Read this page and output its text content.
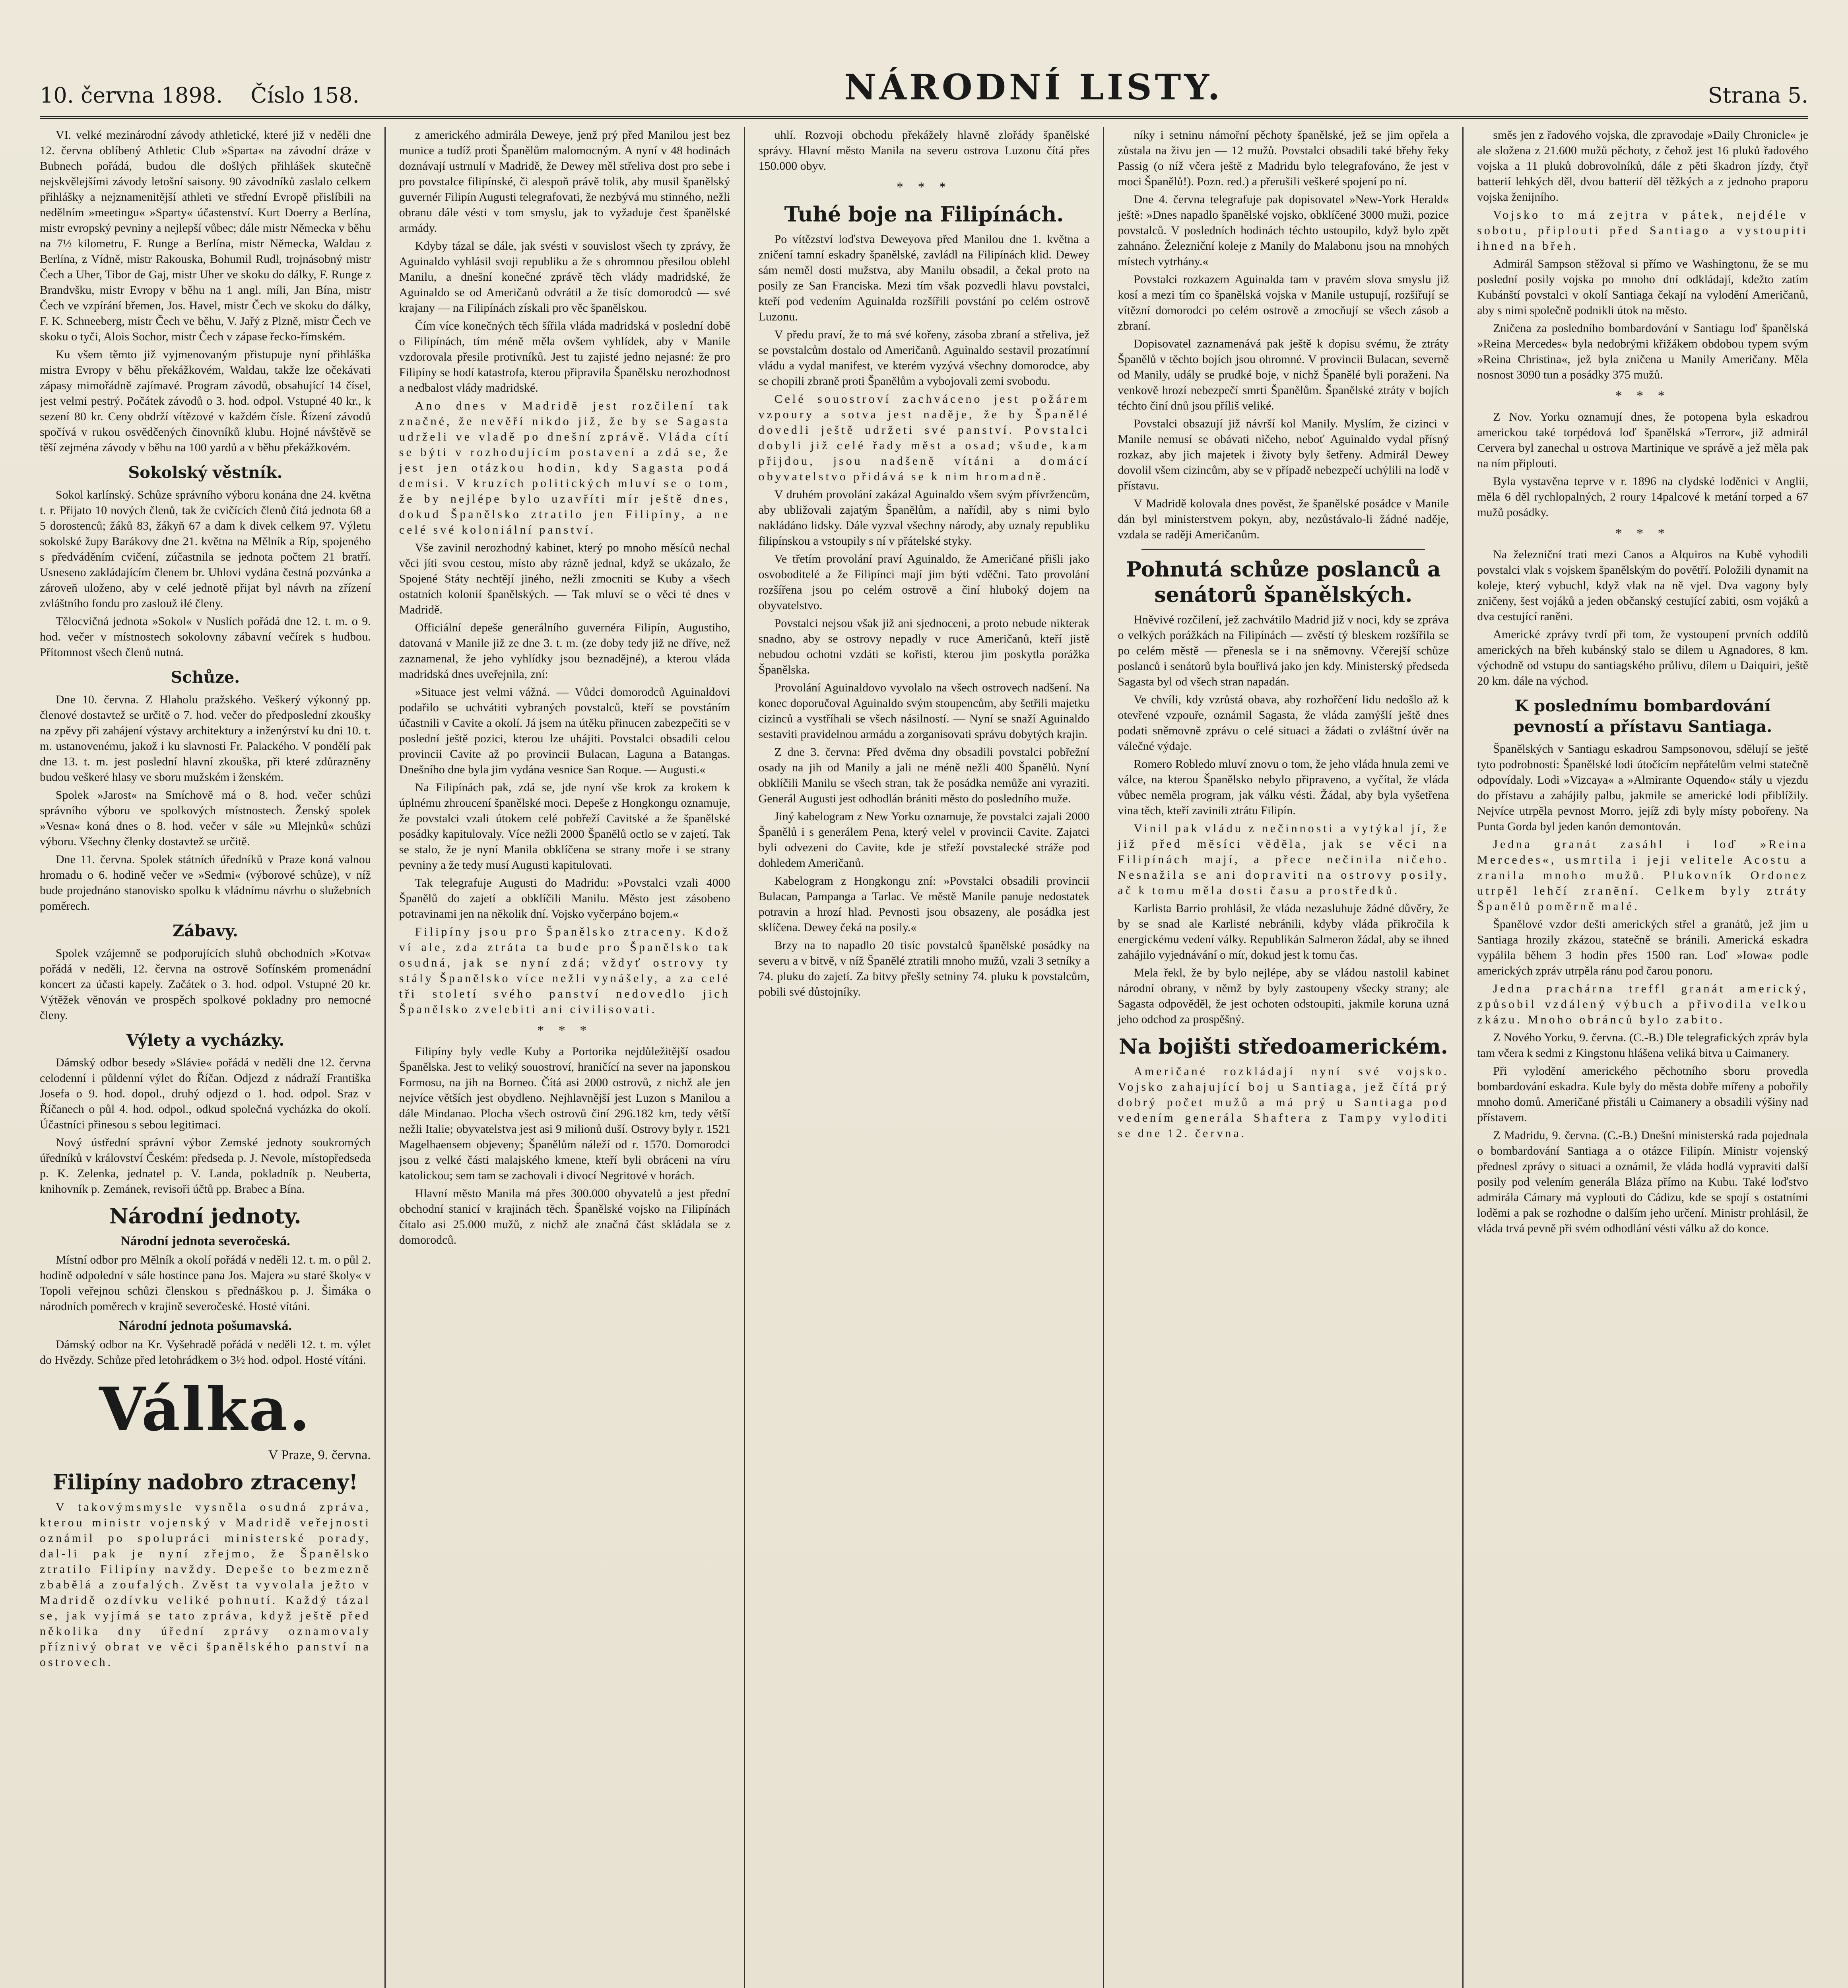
10. června 1898. Číslo 158.	NÁRODNÍ LISTY.	Strana 5.

VI. velké mezinárodní závody athletické, které již v neděli dne 12. června oblíbený Athletic Club »Sparta« na závodní dráze v Bubnech pořádá, budou dle došlých přihlášek skutečně nejskvělejšími závody letošní saisony. 90 závodníků zaslalo celkem přihlášky a nejznamenitější athleti ve střední Evropě přislíbili na nedělním »meetingu« »Sparty« účastenství. Kurt Doerry a Berlína, mistr evropský pevniny a nejlepší vůbec; dále mistr Německa v běhu na 7½ kilometru, F. Runge a Berlína, mistr Německa, Waldau z Berlína, z Vídně, mistr Rakouska, Bohumil Rudl, trojnásobný mistr Čech a Uher, Tibor de Gaj, mistr Uher ve skoku do dálky, F. Runge z Brandvšku, mistr Evropy v běhu na 1 angl. míli, Jan Bína, mistr Čech ve vzpírání břemen, Jos. Havel, mistr Čech ve skoku do dálky, F. K. Schneeberg, mistr Čech ve běhu, V. Jařý z Plzně, mistr Čech ve skoku o tyči, Alois Sochor, mistr Čech v zápase řecko-římském.

Ku všem těmto již vyjmenovaným přistupuje nyní přihláška mistra Evropy v běhu překážkovém, Waldau, takže lze očekávati zápasy mimořádně zajímavé. Program závodů, obsahující 14 čísel, jest velmi pestrý. Počátek závodů o 3. hod. odpol. Vstupné 40 kr., k sezení 80 kr. Ceny obdrží vítězové v každém čísle. Řízení závodů spočívá v rukou osvědčených činovníků klubu. Hojné návštěvě se těší zejména závody v běhu na 100 yardů a v běhu překážkovém.

Sokolský věstník.

Sokol karlínský. Schůze správního výboru konána dne 24. května t. r. Přijato 10 nových členů, tak že cvičících členů čítá jednota 68 a 5 dorostenců; žáků 83, žákyň 67 a dam k divek celkem 97. Výletu sokolské župy Barákovy dne 21. května na Mělník a Ríp, spojeného s předváděním cvičení, zúčastnila se jednota počtem 21 bratří. Usneseno zakládajícím členem br. Uhlovi vydána čestná pozvánka a zároveň uloženo, aby v celé jednotě přijat byl návrh na zřízení zvláštního fondu pro zaslouž ilé členy.

Tělocvičná jednota »Sokol« v Nuslích pořádá dne 12. t. m. o 9. hod. večer v místnostech sokolovny zábavní večírek s hudbou. Přítomnost všech členů nutná.

Schůze.

Dne 10. června. Z Hlaholu pražského. Veškerý výkonný pp. členové dostavtež se určitě o 7. hod. večer do předposlední zkoušky na zpěvy při zahájení výstavy architektury a inženýrství ku dni 10. t. m. ustanovenému, jakož i ku slavnosti Fr. Palackého. V pondělí pak dne 13. t. m. jest poslední hlavní zkouška, při které zdůrazněny budou veškeré hlasy ve sboru mužském i ženském.

Spolek »Jarost« na Smíchově má o 8. hod. večer schůzi správního výboru ve spolkových místnostech. Ženský spolek »Vesna« koná dnes o 8. hod. večer v sále »u Mlejnků« schůzi výboru. Všechny členky dostavtež se určitě.

Dne 11. června. Spolek státních úředníků v Praze koná valnou hromadu o 6. hodině večer ve »Sedmi« (výborové schůze), v níž bude projednáno stanovisko spolku k vládnímu návrhu o služebních poměrech.

Zábavy.

Spolek vzájemně se podporujících sluhů obchodních »Kotva« pořádá v neděli, 12. června na ostrově Sofínském promenádní koncert za účasti kapely. Začátek o 3. hod. odpol. Vstupné 20 kr. Výtěžek věnován ve prospěch spolkové pokladny pro nemocné členy.

Výlety a vycházky.

Dámský odbor besedy »Slávie« pořádá v neděli dne 12. června celodenní i půldenní výlet do Říčan. Odjezd z nádraží Františka Josefa o 9. hod. dopol., druhý odjezd o 1. hod. odpol. Sraz v Říčanech o půl 4. hod. odpol., odkud společná vycházka do okolí. Účastníci přinesou s sebou legitimaci.

Nový ústřední správní výbor Zemské jednoty soukromých úředníků v království Českém: předseda p. J. Nevole, místopředseda p. K. Zelenka, jednatel p. V. Landa, pokladník p. Neuberta, knihovník p. Zemánek, revisoři účtů pp. Brabec a Bína.

Národní jednoty.
Národní jednota severočeská.

Místní odbor pro Mělník a okolí pořádá v neděli 12. t. m. o půl 2. hodině odpolední v sále hostince pana Jos. Majera »u staré školy« v Topoli veřejnou schůzi členskou s přednáškou p. J. Šimáka o národních poměrech v krajině severočeské. Hosté vítáni.

Národní jednota pošumavská.

Dámský odbor na Kr. Vyšehradě pořádá v neděli 12. t. m. výlet do Hvězdy. Schůze před letohrádkem o 3½ hod. odpol. Hosté vítáni.

Válka.
V Praze, 9. června.
Filipíny nadobro ztraceny!

V takovýmsmysle vysněla osudná zpráva, kterou ministr vojenský v Madridě veřejnosti oznámil po spolupráci ministerské porady, dal-li pak je nyní zřejmo, že Španělsko ztratilo Filipíny navždy. Depeše to bezmezně zbabělá a zoufalých. Zvěst ta vyvolala ježto v Madridě ozdívku veliké pohnutí. Každý tázal se, jak vyjímá se tato zpráva, když ještě před několika dny úřední zprávy oznamovaly příznivý obrat ve věci španělského panství na ostrovech.

z amerického admirála Deweye, jenž prý před Manilou jest bez munice a tudíž proti Španělům malomocným. A nyní v 48 hodinách doznávají ustrnulí v Madridě, že Dewey měl střeliva dost pro sebe i pro povstalce filipínské, či alespoň právě tolik, aby musil španělský guvernér Filipín Augusti telegrafovati, že nezbývá mu stinného, nežli obranu dále vésti v tom smyslu, jak to vyžaduje čest španělské armády.

Kdyby tázal se dále, jak svésti v souvislost všech ty zprávy, že Aguinaldo vyhlásil svoji republiku a že s ohromnou přesilou oblehl Manilu, a dnešní konečné zprávě těch vlády madridské, že Aguinaldo se od Američanů odvrátil a že tisíc domorodců — své krajany — na Filipínách získali pro věc španělskou.

Čím více konečných těch šířila vláda madridská v poslední době o Filipínách, tím méně měla ovšem vyhlídek, aby v Manile vzdorovala přesile protivníků. Jest tu zajisté jedno nejasné: že pro Filipíny se hodí katastrofa, kterou připravila Španělsku nerozhodnost a nedbalost vlády madridské.

Ano dnes v Madridě jest rozčilení tak značné, že nevěří nikdo již, že by se Sagasta udrželi ve vladě po dnešní zprávě. Vláda cítí se býti v rozhodujícím postavení a zdá se, že jest jen otázkou hodin, kdy Sagasta podá demisi. V kruzích politických mluví se o tom, že by nejlépe bylo uzavříti mír ještě dnes, dokud Španělsko ztratilo jen Filipíny, a ne celé své koloniální panství.

Vše zavinil nerozhodný kabinet, který po mnoho měsíců nechal věci jíti svou cestou, místo aby rázně jednal, když se ukázalo, že Spojené Státy nechtějí jiného, nežli zmocniti se Kuby a všech ostatních kolonií španělských. — Tak mluví se o věci té dnes v Madridě.

Officiální depeše generálního guvernéra Filipín, Augustiho, datovaná v Manile již ze dne 3. t. m. (ze doby tedy již ne dříve, než zaznamenal, že jeho vyhlídky jsou beznadějné), a kterou vláda madridská dnes uveřejnila, zní:

»Situace jest velmi vážná. — Vůdci domorodců Aguinaldovi podařilo se uchvátiti vybraných povstalců, kteří se povstáním účastnili v Cavite a okolí. Já jsem na útěku přinucen zabezpečiti se v poslední ještě pozici, kterou lze uhájiti. Povstalci obsadili celou provincii Cavite až po provincii Bulacan, Laguna a Batangas. Dnešního dne byla jim vydána vesnice San Roque. — Augusti.«

Na Filipínách pak, zdá se, jde nyní vše krok za krokem k úplnému zhroucení španělské moci. Depeše z Hongkongu oznamuje, že povstalci vzali útokem celé pobřeží Cavitské a že španělské posádky kapitulovaly. Více nežli 2000 Španělů octlo se v zajetí. Tak se stalo, že je nyní Manila obklíčena se strany moře i se strany pevniny a že tedy musí Augusti kapitulovati.

Tak telegrafuje Augusti do Madridu: »Povstalci vzali 4000 Španělů do zajetí a obklíčili Manilu. Město jest zásobeno potravinami jen na několik dní. Vojsko vyčerpáno bojem.«

Filipíny jsou pro Španělsko ztraceny. Kdož ví ale, zda ztráta ta bude pro Španělsko tak osudná, jak se nyní zdá; vždyť ostrovy ty stály Španělsko více nežli vynášely, a za celé tři století svého panství nedovedlo jich Španělsko zvelebiti ani civilisovati.

* * *

Filipíny byly vedle Kuby a Portorika nejdůležitější osadou Španělska. Jest to veliký souostroví, hraničící na sever na japonskou Formosu, na jih na Borneo. Čítá asi 2000 ostrovů, z nichž ale jen nejvíce větších jest obydleno. Nejhlavnější jest Luzon s Manilou a dále Mindanao. Plocha všech ostrovů činí 296.182 km, tedy větší nežli Italie; obyvatelstva jest asi 9 milionů duší. Ostrovy byly r. 1521 Magelhaensem objeveny; Španělům náleží od r. 1570. Domorodci jsou z velké části malajského kmene, kteří byli obráceni na víru katolickou; sem tam se zachovali i divocí Negritové v horách.

Hlavní město Manila má přes 300.000 obyvatelů a jest přední obchodní stanicí v krajinách těch. Španělské vojsko na Filipínách čítalo asi 25.000 mužů, z nichž ale značná část skládala se z domorodců.

uhlí. Rozvoji obchodu překážely hlavně zlořády španělské správy. Hlavní město Manila na severu ostrova Luzonu čítá přes 150.000 obyv.

* * *
Tuhé boje na Filipínách.

Po vítězství loďstva Deweyova před Manilou dne 1. května a zničení tamní eskadry španělské, zavládl na Filipínách klid. Dewey sám neměl dosti mužstva, aby Manilu obsadil, a čekal proto na posily ze San Franciska. Mezi tím však pozvedli hlavu povstalci, kteří pod vedením Aguinalda rozšířili povstání po celém ostrově Luzonu.

V předu praví, že to má své kořeny, zásoba zbraní a střeliva, jež se povstalcům dostalo od Američanů. Aguinaldo sestavil prozatímní vládu a vydal manifest, ve kterém vyzývá všechny domorodce, aby se chopili zbraně proti Španělům a vybojovali zemi svobodu.

Celé souostroví zachváceno jest požárem vzpoury a sotva jest naděje, že by Španělé dovedli ještě udržeti své panství. Povstalci dobyli již celé řady měst a osad; všude, kam přijdou, jsou nadšeně vítáni a domácí obyvatelstvo přidává se k nim hromadně.

V druhém provolání zakázal Aguinaldo všem svým přívržencům, aby ubližovali zajatým Španělům, a nařídil, aby s nimi bylo nakládáno lidsky. Dále vyzval všechny národy, aby uznaly republiku filipínskou a vstoupily s ní v přátelské styky.

Ve třetím provolání praví Aguinaldo, že Američané přišli jako osvoboditelé a že Filipínci mají jim býti vděčni. Tato provolání rozšířena jsou po celém ostrově a činí hluboký dojem na obyvatelstvo.

Povstalci nejsou však již ani sjednoceni, a proto nebude nikterak snadno, aby se ostrovy nepadly v ruce Američanů, kteří jistě nebudou ochotni vzdáti se kořisti, kterou jim poskytla porážka Španělska.

Provolání Aguinaldovo vyvolalo na všech ostrovech nadšení. Na konec doporučoval Aguinaldo svým stoupencům, aby šetřili majetku cizinců a vystříhali se všech násilností. — Nyní se snaží Aguinaldo sestaviti pravidelnou armádu a zorganisovati správu dobytých krajin.

Z dne 3. června: Před dvěma dny obsadili povstalci pobřežní osady na jih od Manily a jali ne méně nežli 400 Španělů. Nyní obklíčili Manilu se všech stran, tak že posádka nemůže ani vyraziti. Generál Augusti jest odhodlán brániti město do posledního muže.

Jiný kabelogram z New Yorku oznamuje, že povstalci zajali 2000 Španělů i s generálem Pena, který velel v provincii Cavite. Zajatci byli odvezeni do Cavite, kde je střeží povstalecké stráže pod dohledem Američanů.

Kabelogram z Hongkongu zní: »Povstalci obsadili provincii Bulacan, Pampanga a Tarlac. Ve městě Manile panuje nedostatek potravin a hrozí hlad. Pevnosti jsou obsazeny, ale posádka jest sklíčena. Dewey čeká na posily.«

Brzy na to napadlo 20 tisíc povstalců španělské posádky na severu a v bitvě, v níž Španělé ztratili mnoho mužů, vzali 3 setníky a 74. pluku do zajetí. Za bitvy přešly setniny 74. pluku k povstalcům, pobili své důstojníky.

níky i setninu námořní pěchoty španělské, jež se jim opřela a zůstala na živu jen — 12 mužů. Povstalci obsadili také břehy řeky Passig (o níž včera ještě z Madridu bylo telegrafováno, že jest v moci Španělů!). Pozn. red.) a přerušili veškeré spojení po ní.

Dne 4. června telegrafuje pak dopisovatel »New-York Herald« ještě: »Dnes napadlo španělské vojsko, obklíčené 3000 muži, pozice povstalců. V posledních hodinách téchto ustoupilo, když bylo zpět zahnáno. Železniční koleje z Manily do Malabonu jsou na mnohých místech vytrhány.«

Povstalci rozkazem Aguinalda tam v pravém slova smyslu již kosí a mezi tím co španělská vojska v Manile ustupují, rozšiřují se vítězní domorodci po celém ostrově a zmocňují se všech zásob a zbraní.

Dopisovatel zaznamenává pak ještě k dopisu svému, že ztráty Španělů v těchto bojích jsou ohromné. V provincii Bulacan, severně od Manily, udály se prudké boje, v nichž Španělé byli poraženi. Na venkově hrozí nebezpečí smrti Španělům. Španělské ztráty v bojích téchto činí dnů jsou příliš veliké.

Povstalci obsazují již návrší kol Manily. Myslím, že cizinci v Manile nemusí se obávati ničeho, neboť Aguinaldo vydal přísný rozkaz, aby jich majetek i životy byly šetřeny. Admirál Dewey dovolil všem cizincům, aby se v případě nebezpečí uchýlili na lodě v přístavu.

V Madridě kolovala dnes pověst, že španělské posádce v Manile dán byl ministerstvem pokyn, aby, nezůstávalo-li žádné naděje, vzdala se raději Američanům.

Pohnutá schůze poslanců a senátorů španělských.

Hněvivé rozčilení, jež zachvátilo Madrid již v noci, kdy se zpráva o velkých porážkách na Filipínách — zvěstí tý bleskem rozšířila se po celém městě — přenesla se i na sněmovny. Včerejší schůze poslanců i senátorů byla bouřlivá jako jen kdy. Ministerský předseda Sagasta byl od všech stran napadán.

Ve chvíli, kdy vzrůstá obava, aby rozhořčení lidu nedošlo až k otevřené vzpouře, oznámil Sagasta, že vláda zamýšlí ještě dnes podati sněmovně zprávu o celé situaci a žádati o zvláštní úvěr na válečné výdaje.

Romero Robledo mluví znovu o tom, že jeho vláda hnula zemi ve válce, na kterou Španělsko nebylo připraveno, a vyčítal, že vláda vůbec neměla program, jak válku vésti. Žádal, aby byla vyšetřena vina těch, kteří zavinili ztrátu Filipín.

Vinil pak vládu z nečinnosti a vytýkal jí, že již před měsíci věděla, jak se věci na Filipínách mají, a přece nečinila ničeho. Nesnažila se ani dopraviti na ostrovy posily, ač k tomu měla dosti času a prostředků.

Karlista Barrio prohlásil, že vláda nezasluhuje žádné důvěry, že by se snad ale Karlisté nebránili, kdyby vláda přikročila k energickému vedení války. Republikán Salmeron žádal, aby se ihned zahájilo vyjednávání o mír, dokud jest k tomu čas.

Mela řekl, že by bylo nejlépe, aby se vládou nastolil kabinet národní obrany, v němž by byly zastoupeny všecky strany; ale Sagasta odpověděl, že jest ochoten odstoupiti, jakmile koruna uzná jeho odchod za prospěšný.

Na bojišti středoamerickém.

Američané rozkládají nyní své vojsko. Vojsko zahajující boj u Santiaga, jež čítá prý dobrý počet mužů a má prý u Santiaga pod vedením generála Shaftera z Tampy vyloditi se dne 12. června.

směs jen z řadového vojska, dle zpravodaje »Daily Chronicle« je ale složena z 21.600 mužů pěchoty, z čehož jest 16 pluků řadového vojska a 11 pluků dobrovolníků, dále z pěti škadron jízdy, čtyř batterií lehkých děl, dvou batterií děl těžkých a z jednoho praporu vojska ženijního.

Vojsko to má zejtra v pátek, nejdéle v sobotu, připlouti před Santiago a vystoupiti ihned na břeh.

Admirál Sampson stěžoval si přímo ve Washingtonu, že se mu poslední posily vojska po mnoho dní odkládají, kdežto zatím Kubánští povstalci v okolí Santiaga čekají na vylodění Američanů, aby s nimi společně podnikli útok na město.

Zničena za posledního bombardování v Santiagu loď španělská »Reina Mercedes« byla nedobrými křižákem obdobou typem svým »Reina Christina«, jež byla zničena u Manily Američany. Měla nosnost 3090 tun a posádky 375 mužů.

* * *

Z Nov. Yorku oznamují dnes, že potopena byla eskadrou americkou také torpédová loď španělská »Terror«, již admirál Cervera byl zanechal u ostrova Martinique ve správě a jež měla pak na ním připlouti.

Byla vystavěna teprve v r. 1896 na clydské loděnici v Anglii, měla 6 děl rychlopalných, 2 roury 14palcové k metání torped a 67 mužů posádky.

* * *

Na železniční trati mezi Canos a Alquiros na Kubě vyhodili povstalci vlak s vojskem španělským do povětří. Položili dynamit na koleje, který vybuchl, když vlak na ně vjel. Dva vagony byly zničeny, šest vojáků a jeden občanský cestující zabiti, osm vojáků a dva cestující raněni.

Americké zprávy tvrdí při tom, že vystoupení prvních oddílů amerických na břeh kubánský stalo se dilem u Agnadores, 8 km. východně od vstupu do santiagského průlivu, dílem u Daiquiri, ještě 20 km. dále na východ.

K poslednímu bombardování pevností a přístavu Santiaga.

Španělských v Santiagu eskadrou Sampsonovou, sdělují se ještě tyto podrobnosti: Španělské lodi útočícím nepřátelům velmi statečně odpovídaly. Lodi »Vizcaya« a »Almirante Oquendo« stály u vjezdu do přístavu a zahájily palbu, jakmile se americké lodi přiblížily. Nejvíce utrpěla pevnost Morro, jejíž zdi byly místy pobořeny. Na Punta Gorda byl jeden kanón demontován.

Jedna granát zasáhl i loď »Reina Mercedes«, usmrtila i jeji velitele Acostu a zranila mnoho mužů. Plukovník Ordonez utrpěl lehčí zranění. Celkem byly ztráty Španělů poměrně malé.

Španělové vzdor dešti amerických střel a granátů, jež jim u Santiaga hrozily zkázou, statečně se bránili. Americká eskadra vypálila během 3 hodin přes 1500 ran. Loď »Iowa« podle amerických zpráv utrpěla ránu pod čarou ponoru.

Jedna prachárna treffl granát americký, způsobil vzdálený výbuch a přivodila velkou zkázu. Mnoho obránců bylo zabito.

Z Nového Yorku, 9. června. (C.-B.) Dle telegrafických zpráv byla tam včera k sedmi z Kingstonu hlášena veliká bitva u Caimanery.

Při vylodění amerického pěchotního sboru provedla bombardování eskadra. Kule byly do města dobře mířeny a pobořily mnoho domů. Američané přistáli u Caimanery a obsadili výšiny nad přístavem.

Z Madridu, 9. června. (C.-B.) Dnešní ministerská rada pojednala o bombardování Santiaga a o otázce Filipín. Ministr vojenský přednesl zprávy o situaci a oznámil, že vláda hodlá vypraviti další posily pod velením generála Bláza přímo na Kubu. Také loďstvo admirála Cámary má vyplouti do Cádizu, kde se spojí s ostatními loděmi a pak se rozhodne o dalším jeho určení. Ministr prohlásil, že vláda trvá pevně při svém odhodlání vésti válku až do konce.
